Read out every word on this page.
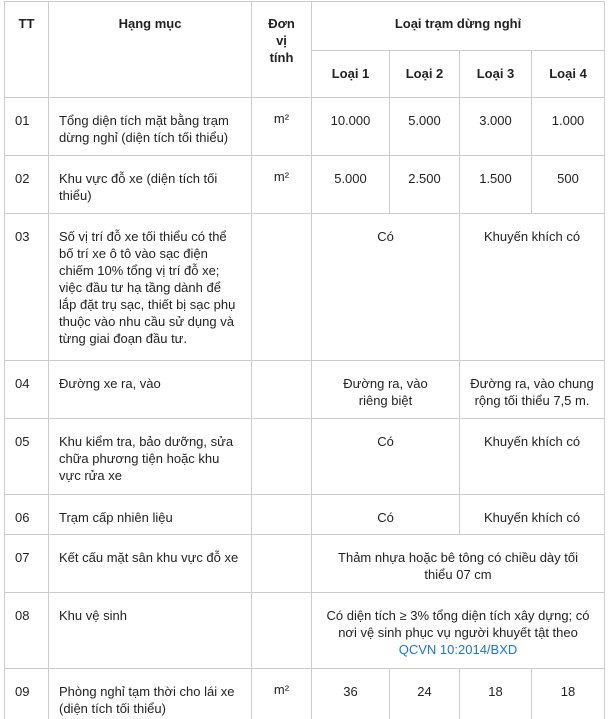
TT	Hạng mục	Đơn vị tính	Loại trạm dừng nghỉ			
			Loại 1	Loại 2	Loại 3	Loại 4
01	Tổng diện tích mặt bằng trạm dừng nghỉ (diện tích tối thiểu)	m²	10.000	5.000	3.000	1.000
02	Khu vực đỗ xe (diện tích tối thiểu)	m²	5.000	2.500	1.500	500
03	Số vị trí đỗ xe tối thiểu có thể bố trí xe ô tô vào sạc điện chiếm 10% tổng vị trí đỗ xe; việc đầu tư hạ tầng dành để lắp đặt trụ sạc, thiết bị sạc phụ thuộc vào nhu cầu sử dụng và từng giai đoạn đầu tư.		Có		Khuyến khích có	
04	Đường xe ra, vào		Đường ra, vào riêng biệt		Đường ra, vào chung rộng tối thiểu 7,5 m.	
05	Khu kiểm tra, bảo dưỡng, sửa chữa phương tiện hoặc khu vực rửa xe		Có		Khuyến khích có	
06	Trạm cấp nhiên liệu		Có		Khuyến khích có	
07	Kết cấu mặt sân khu vực đỗ xe		Thảm nhựa hoặc bê tông có chiều dày tối thiểu 07 cm			
08	Khu vệ sinh		Có diện tích ≥ 3% tổng diện tích xây dựng; có nơi vệ sinh phục vụ người khuyết tật theo QCVN 10:2014/BXD			
09	Phòng nghỉ tạm thời cho lái xe (diện tích tối thiểu)	m²	36	24	18	18
